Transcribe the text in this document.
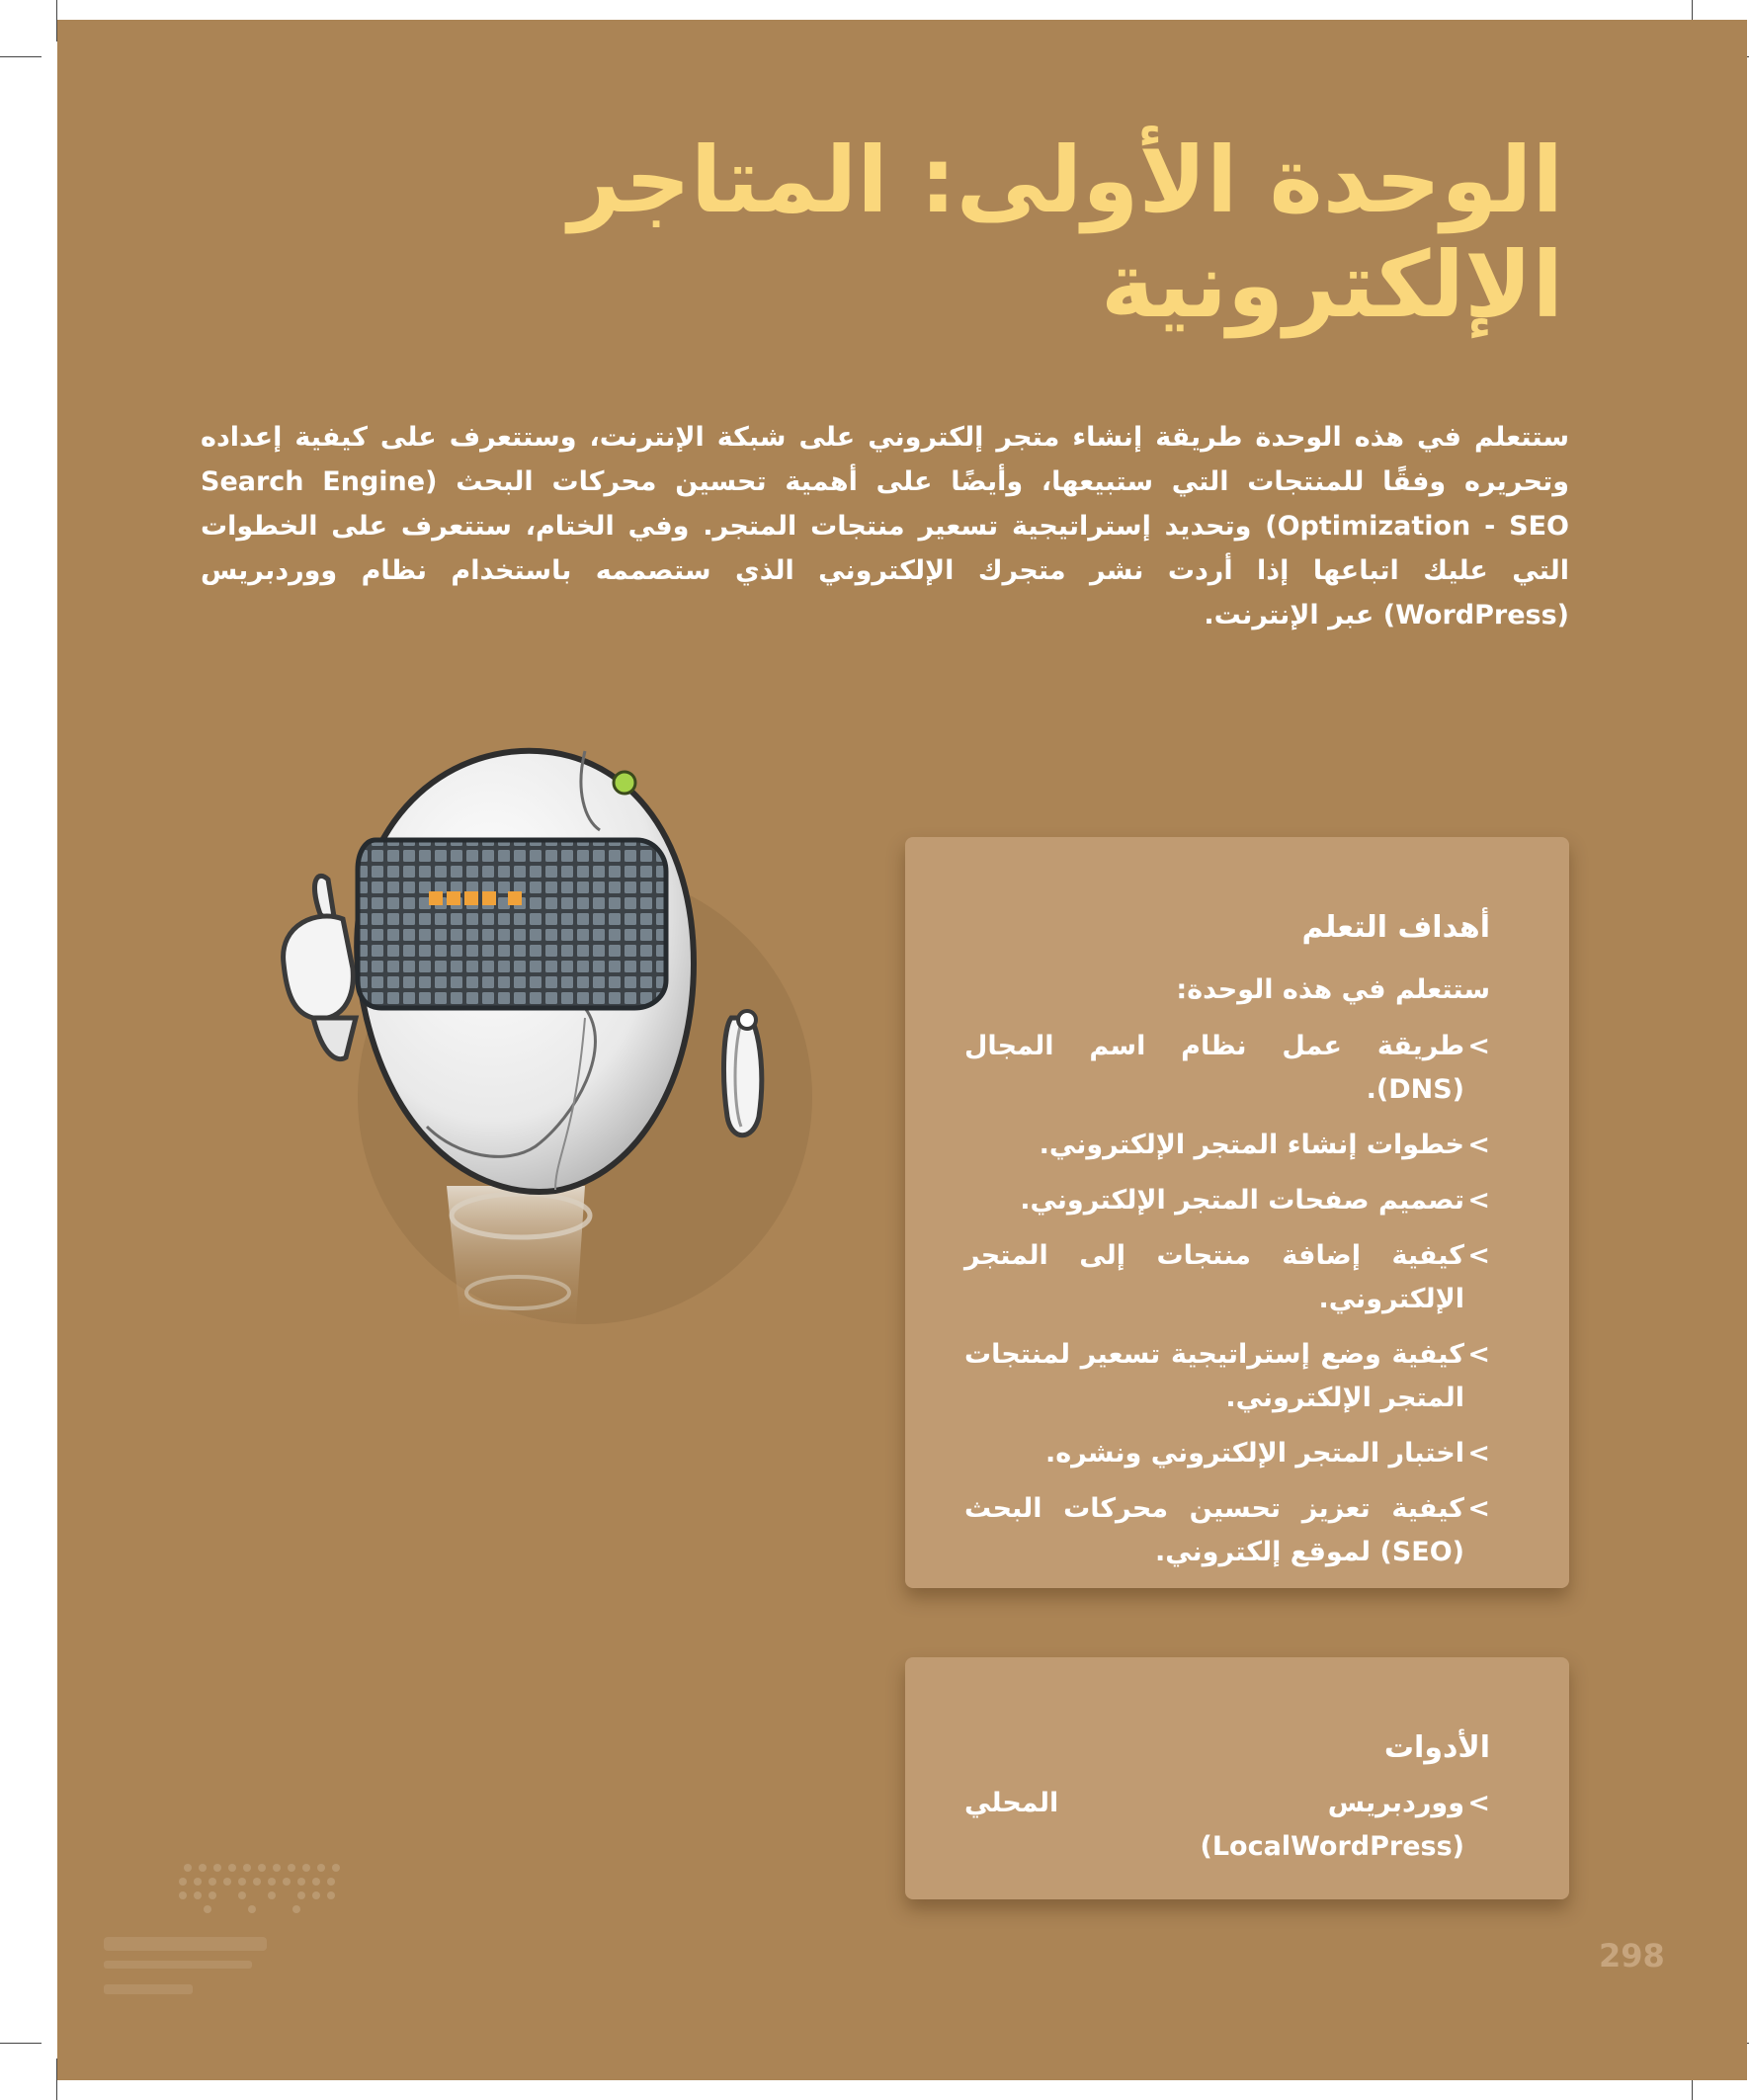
الوحدة الأولى: المتاجر الإلكترونية

ستتعلم في هذه الوحدة طريقة إنشاء متجر إلكتروني على شبكة الإنترنت، وستتعرف على كيفية إعداده وتحريره وفقًا للمنتجات التي ستبيعها، وأيضًا على أهمية تحسين محركات البحث (Search Engine Optimization - SEO) وتحديد إستراتيجية تسعير منتجات المتجر. وفي الختام، ستتعرف على الخطوات التي عليك اتباعها إذا أردت نشر متجرك الإلكتروني الذي ستصممه باستخدام نظام ووردبريس (WordPress) عبر الإنترنت.

أهداف التعلم

ستتعلم في هذه الوحدة:

>
طريقة عمل نظام اسم المجال (DNS).
>
خطوات إنشاء المتجر الإلكتروني.
>
تصميم صفحات المتجر الإلكتروني.
>
كيفية إضافة منتجات إلى المتجر الإلكتروني.
>
كيفية وضع إستراتيجية تسعير لمنتجات المتجر الإلكتروني.
>
اختبار المتجر الإلكتروني ونشره.
>
كيفية تعزيز تحسين محركات البحث (SEO) لموقع إلكتروني.
الأدوات
>
ووردبريس المحلي (LocalWordPress)

298
